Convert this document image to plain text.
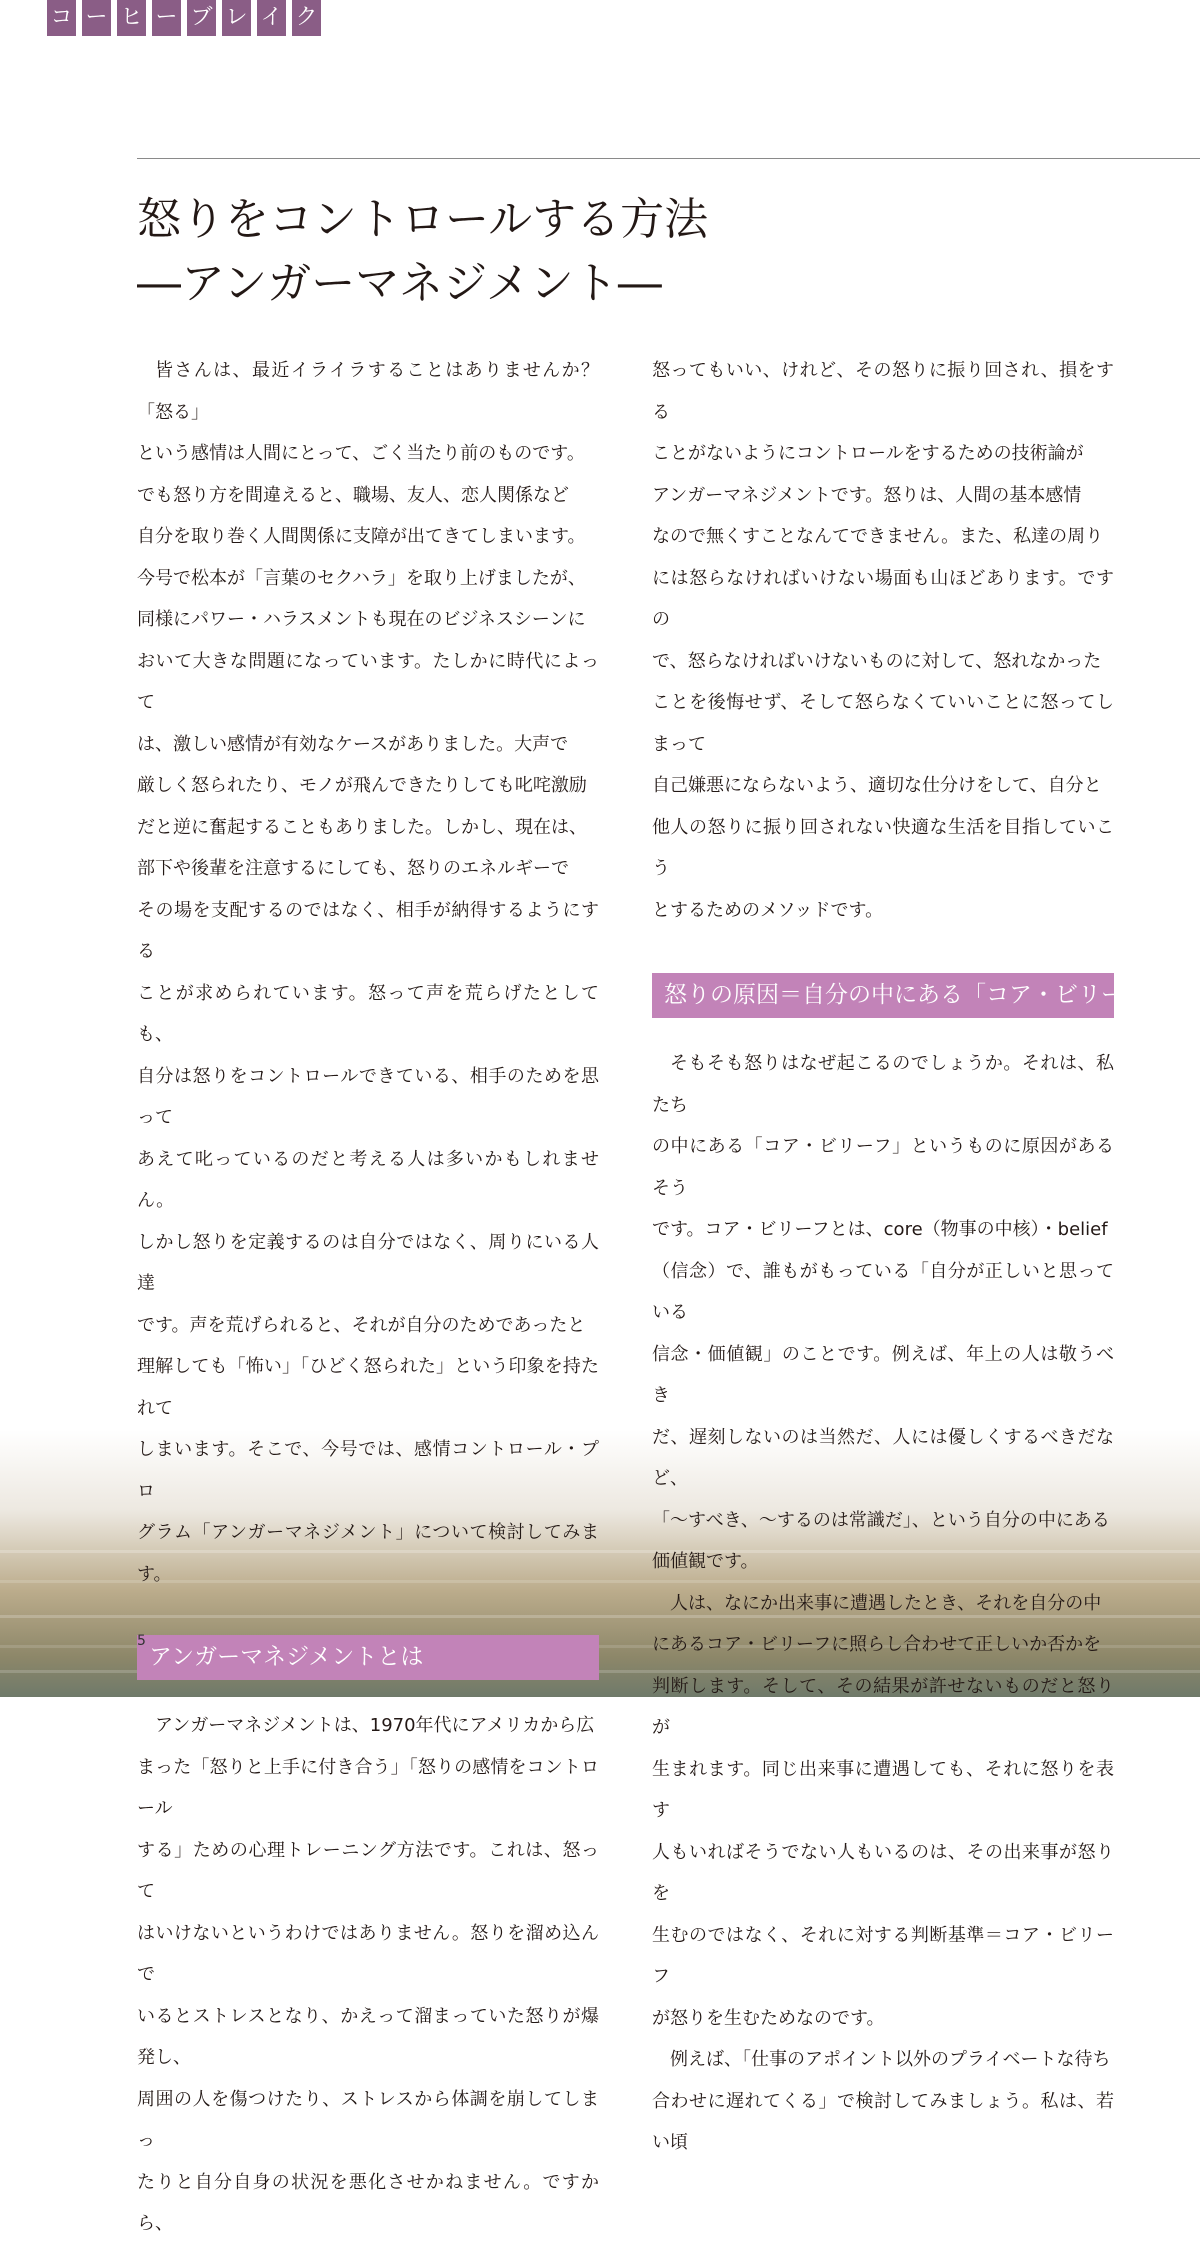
コ ー ヒ ー ブ レ イ ク
怒りをコントロールする方法
―アンガーマネジメント―

皆さんは、最近イライラすることはありませんか？「怒る」
という感情は人間にとって、ごく当たり前のものです。
でも怒り方を間違えると、職場、友人、恋人関係など
自分を取り巻く人間関係に支障が出てきてしまいます。
今号で松本が「言葉のセクハラ」を取り上げましたが、
同様にパワー・ハラスメントも現在のビジネスシーンに
おいて大きな問題になっています。たしかに時代によって
は、激しい感情が有効なケースがありました。大声で
厳しく怒られたり、モノが飛んできたりしても叱咤激励
だと逆に奮起することもありました。しかし、現在は、
部下や後輩を注意するにしても、怒りのエネルギーで
その場を支配するのではなく、相手が納得するようにする
ことが求められています。怒って声を荒らげたとしても、
自分は怒りをコントロールできている、相手のためを思って
あえて叱っているのだと考える人は多いかもしれません。
しかし怒りを定義するのは自分ではなく、周りにいる人達
です。声を荒げられると、それが自分のためであったと
理解しても「怖い」「ひどく怒られた」という印象を持たれて
しまいます。そこで、今号では、感情コントロール・プロ
グラム「アンガーマネジメント」について検討してみます。

アンガーマネジメントとは

アンガーマネジメントは、1970年代にアメリカから広
まった「怒りと上手に付き合う」「怒りの感情をコントロール
する」ための心理トレーニング方法です。これは、怒って
はいけないというわけではありません。怒りを溜め込んで
いるとストレスとなり、かえって溜まっていた怒りが爆発し、
周囲の人を傷つけたり、ストレスから体調を崩してしまっ
たりと自分自身の状況を悪化させかねません。ですから、

怒ってもいい、けれど、その怒りに振り回され、損をする
ことがないようにコントロールをするための技術論が
アンガーマネジメントです。怒りは、人間の基本感情
なので無くすことなんてできません。また、私達の周り
には怒らなければいけない場面も山ほどあります。ですの
で、怒らなければいけないものに対して、怒れなかった
ことを後悔せず、そして怒らなくていいことに怒ってしまって
自己嫌悪にならないよう、適切な仕分けをして、自分と
他人の怒りに振り回されない快適な生活を目指していこう
とするためのメソッドです。

怒りの原因＝自分の中にある「コア・ビリーフ」

そもそも怒りはなぜ起こるのでしょうか。それは、私たち
の中にある「コア・ビリーフ」というものに原因があるそう
です。コア・ビリーフとは、core（物事の中核）・belief
（信念）で、誰もがもっている「自分が正しいと思っている
信念・価値観」のことです。例えば、年上の人は敬うべき
だ、遅刻しないのは当然だ、人には優しくするべきだなど、
「～すべき、～するのは常識だ」、という自分の中にある
価値観です。

人は、なにか出来事に遭遇したとき、それを自分の中
にあるコア・ビリーフに照らし合わせて正しいか否かを
判断します。そして、その結果が許せないものだと怒りが
生まれます。同じ出来事に遭遇しても、それに怒りを表す
人もいればそうでない人もいるのは、その出来事が怒りを
生むのではなく、それに対する判断基準＝コア・ビリーフ
が怒りを生むためなのです。

例えば、「仕事のアポイント以外のプライベートな待ち
合わせに遅れてくる」で検討してみましょう。私は、若い頃

5
